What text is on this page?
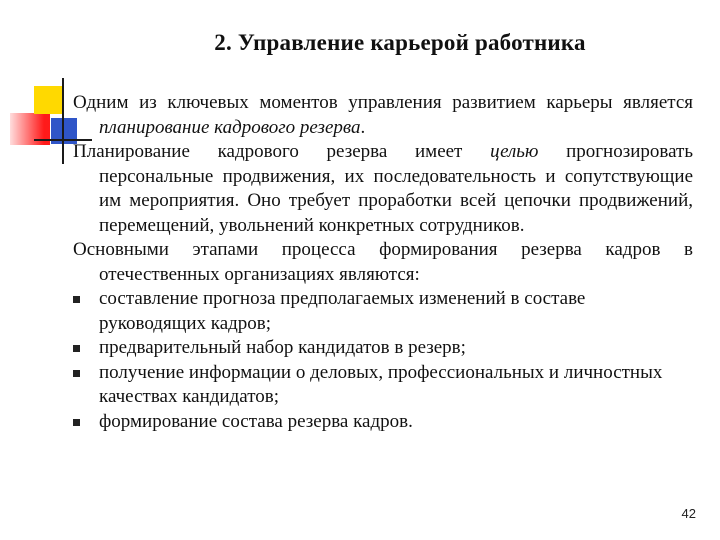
2. Управление карьерой работника

Одним из ключевых моментов управления развитием карьеры является планирование кадрового резерва.

Планирование кадрового резерва имеет целью прогнозировать персональные продвижения, их последовательность и сопутствующие им мероприятия. Оно требует проработки всей цепочки продвижений, перемещений, увольнений конкретных сотрудников.

Основными этапами процесса формирования резерва кадров в отечественных организациях являются:

составление прогноза предполагаемых изменений в составе руководящих кадров;
предварительный набор кандидатов в резерв;
получение информации о деловых, профессиональных и личностных качествах кандидатов;
формирование состава резерва кадров.
42
